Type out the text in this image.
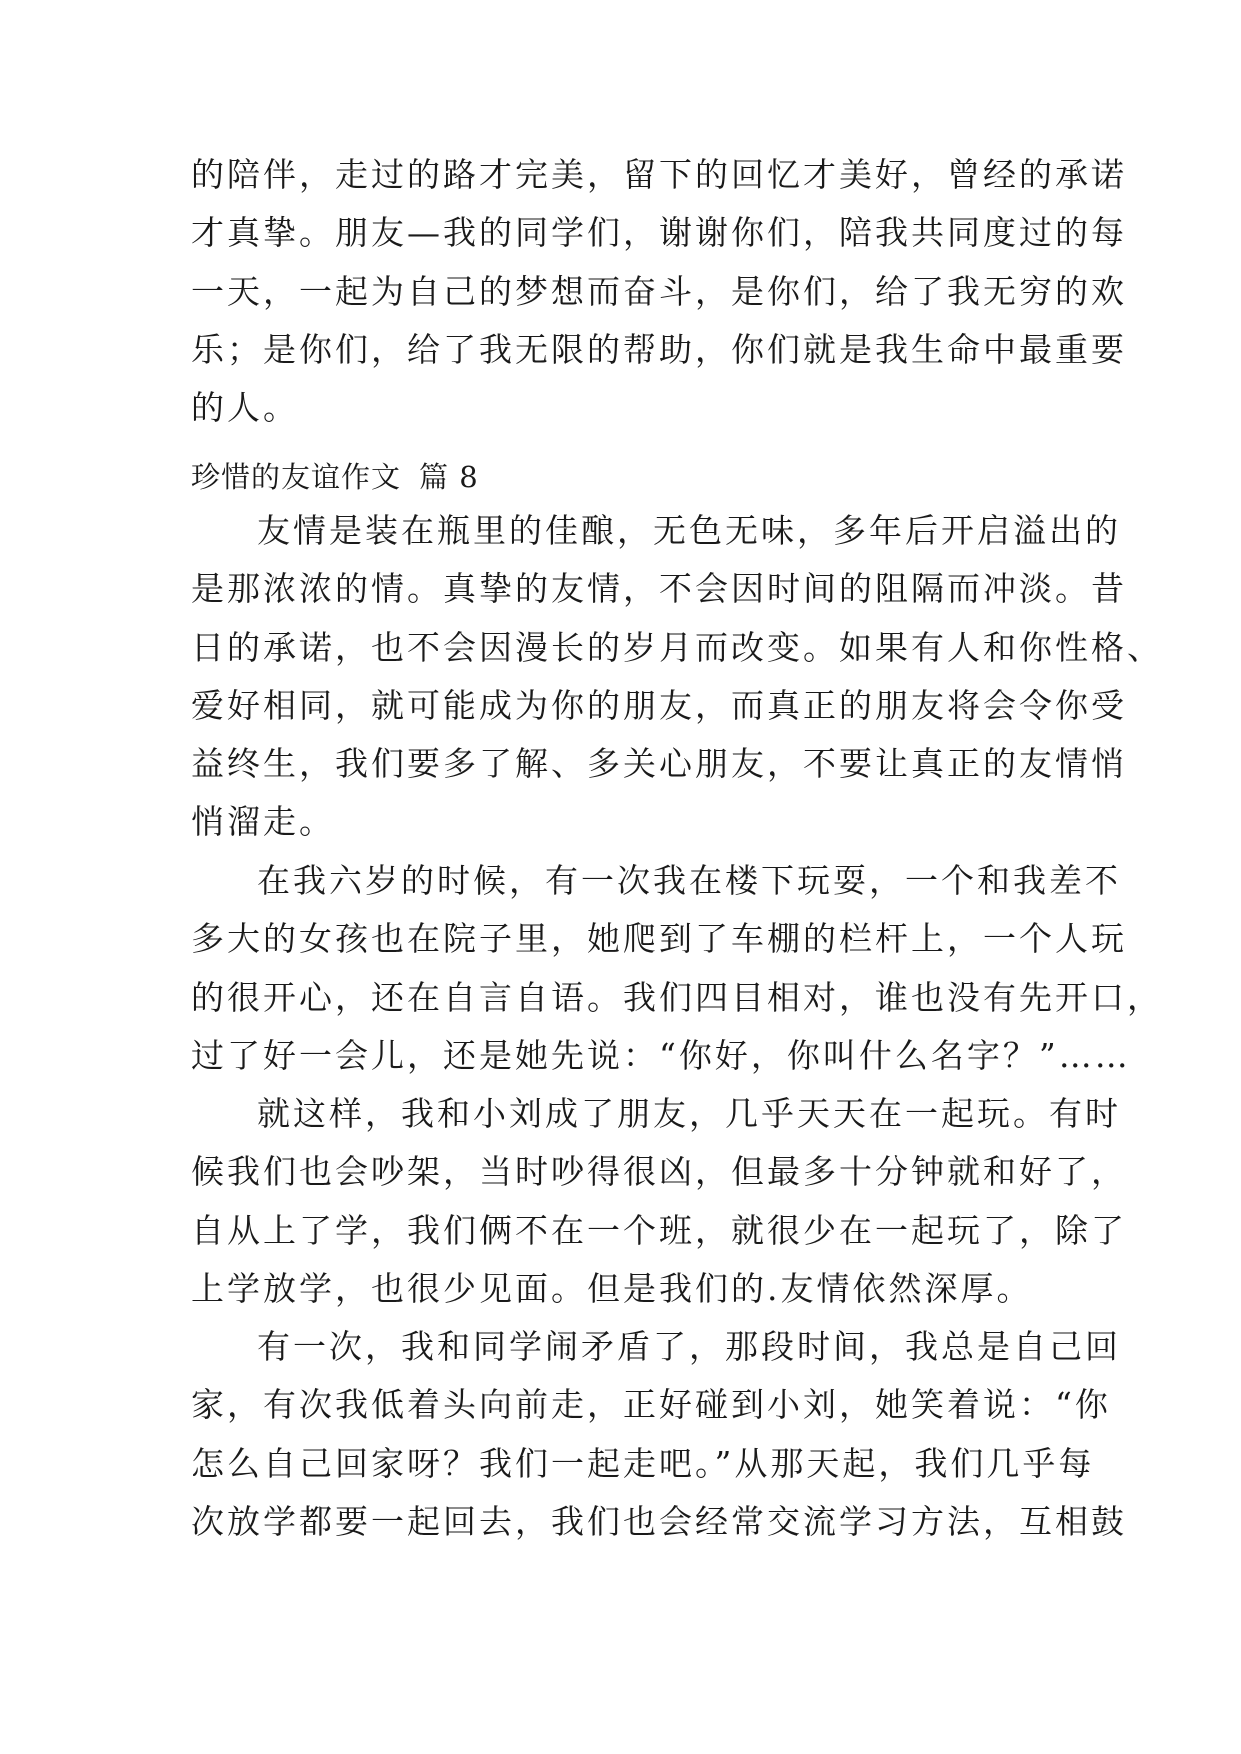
的陪伴，走过的路才完美，留下的回忆才美好，曾经的承诺
才真挚。朋友—我的同学们，谢谢你们，陪我共同度过的每
一天，一起为自己的梦想而奋斗，是你们，给了我无穷的欢
乐；是你们，给了我无限的帮助，你们就是我生命中最重要
的人。
珍惜的友谊作文 篇 8
友情是装在瓶里的佳酿，无色无味，多年后开启溢出的
是那浓浓的情。真挚的友情，不会因时间的阻隔而冲淡。昔
日的承诺，也不会因漫长的岁月而改变。如果有人和你性格、
爱好相同，就可能成为你的朋友，而真正的朋友将会令你受
益终生，我们要多了解、多关心朋友，不要让真正的友情悄
悄溜走。
在我六岁的时候，有一次我在楼下玩耍，一个和我差不
多大的女孩也在院子里，她爬到了车棚的栏杆上，一个人玩
的很开心，还在自言自语。我们四目相对，谁也没有先开口，
过了好一会儿，还是她先说：“你好，你叫什么名字？”……
就这样，我和小刘成了朋友，几乎天天在一起玩。有时
候我们也会吵架，当时吵得很凶，但最多十分钟就和好了，
自从上了学，我们俩不在一个班，就很少在一起玩了，除了
上学放学，也很少见面。但是我们的.友情依然深厚。
有一次，我和同学闹矛盾了，那段时间，我总是自己回
家，有次我低着头向前走，正好碰到小刘，她笑着说：“你
怎么自己回家呀？我们一起走吧。”从那天起，我们几乎每
次放学都要一起回去，我们也会经常交流学习方法，互相鼓
